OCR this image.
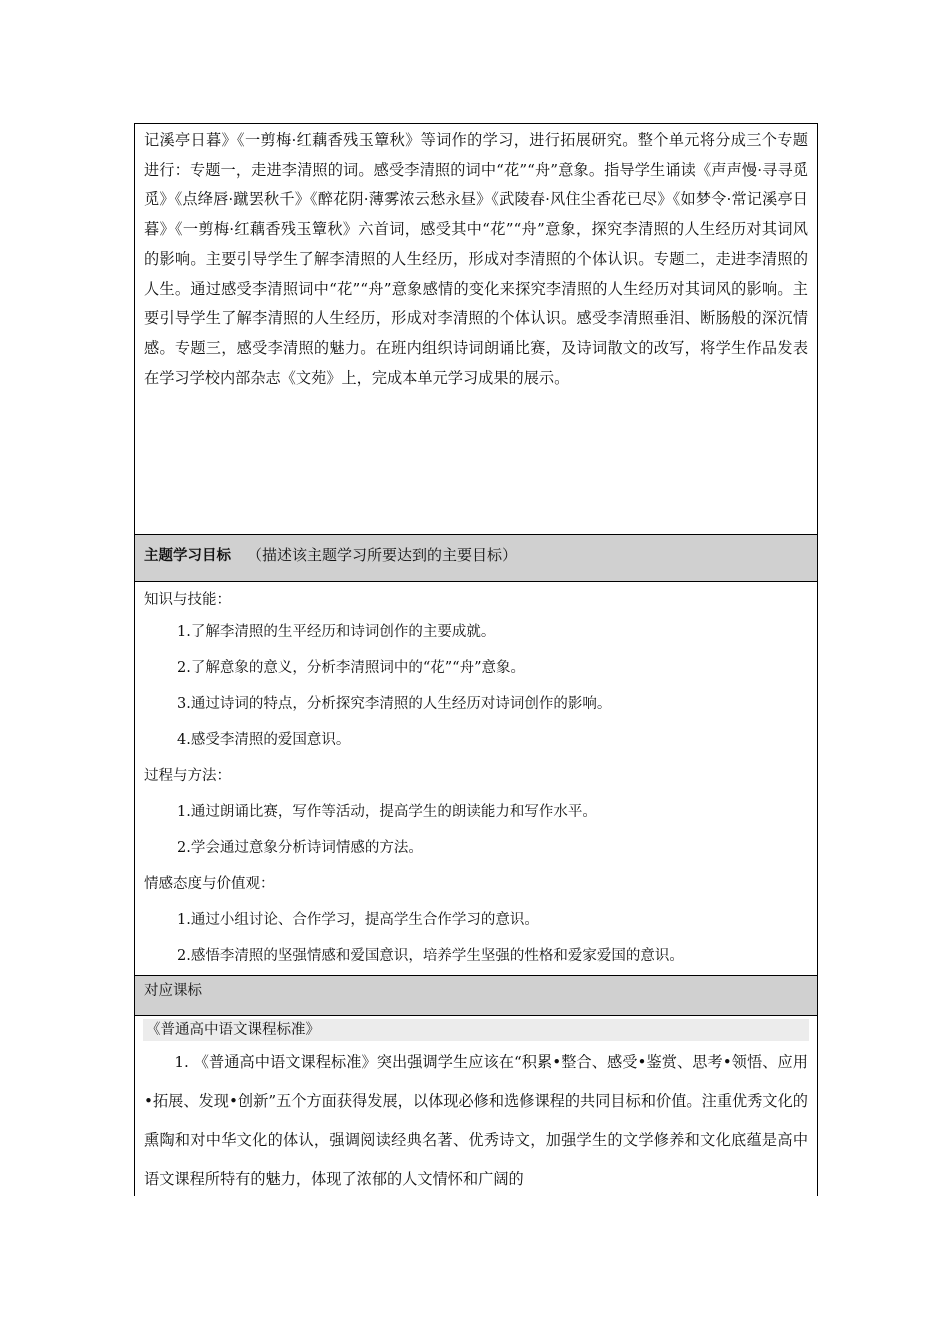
记溪亭日暮》《一剪梅·红藕香残玉簟秋》等词作的学习，进行拓展研究。整个单元将分成三个专题进行：专题一，走进李清照的词。感受李清照的词中“花”“舟”意象。指导学生诵读《声声慢·寻寻觅觅》《点绛唇·蹴罢秋千》《醉花阴·薄雾浓云愁永昼》《武陵春·风住尘香花已尽》《如梦令·常记溪亭日暮》《一剪梅·红藕香残玉簟秋》六首词，感受其中“花”“舟”意象，探究李清照的人生经历对其词风的影响。主要引导学生了解李清照的人生经历，形成对李清照的个体认识。专题二，走进李清照的人生。通过感受李清照词中“花”“舟”意象感情的变化来探究李清照的人生经历对其词风的影响。主要引导学生了解李清照的人生经历，形成对李清照的个体认识。感受李清照垂泪、断肠般的深沉情感。专题三，感受李清照的魅力。在班内组织诗词朗诵比赛，及诗词散文的改写，将学生作品发表在学习学校内部杂志《文苑》上，完成本单元学习成果的展示。

主题学习目标 （描述该主题学习所要达到的主要目标）
知识与技能：
1.了解李清照的生平经历和诗词创作的主要成就。
2.了解意象的意义，分析李清照词中的“花”“舟”意象。
3.通过诗词的特点，分析探究李清照的人生经历对诗词创作的影响。
4.感受李清照的爱国意识。
过程与方法：
1.通过朗诵比赛，写作等活动，提高学生的朗读能力和写作水平。
2.学会通过意象分析诗词情感的方法。
情感态度与价值观：
1.通过小组讨论、合作学习，提高学生合作学习的意识。
2.感悟李清照的坚强情感和爱国意识，培养学生坚强的性格和爱家爱国的意识。
对应课标
《普通高中语文课程标准》

1. 《普通高中语文课程标准》突出强调学生应该在“积累•整合、感受•鉴赏、思考•领悟、应用•拓展、发现•创新”五个方面获得发展，以体现必修和选修课程的共同目标和价值。注重优秀文化的熏陶和对中华文化的体认，强调阅读经典名著、优秀诗文，加强学生的文学修养和文化底蕴是高中语文课程所特有的魅力，体现了浓郁的人文情怀和广阔的
